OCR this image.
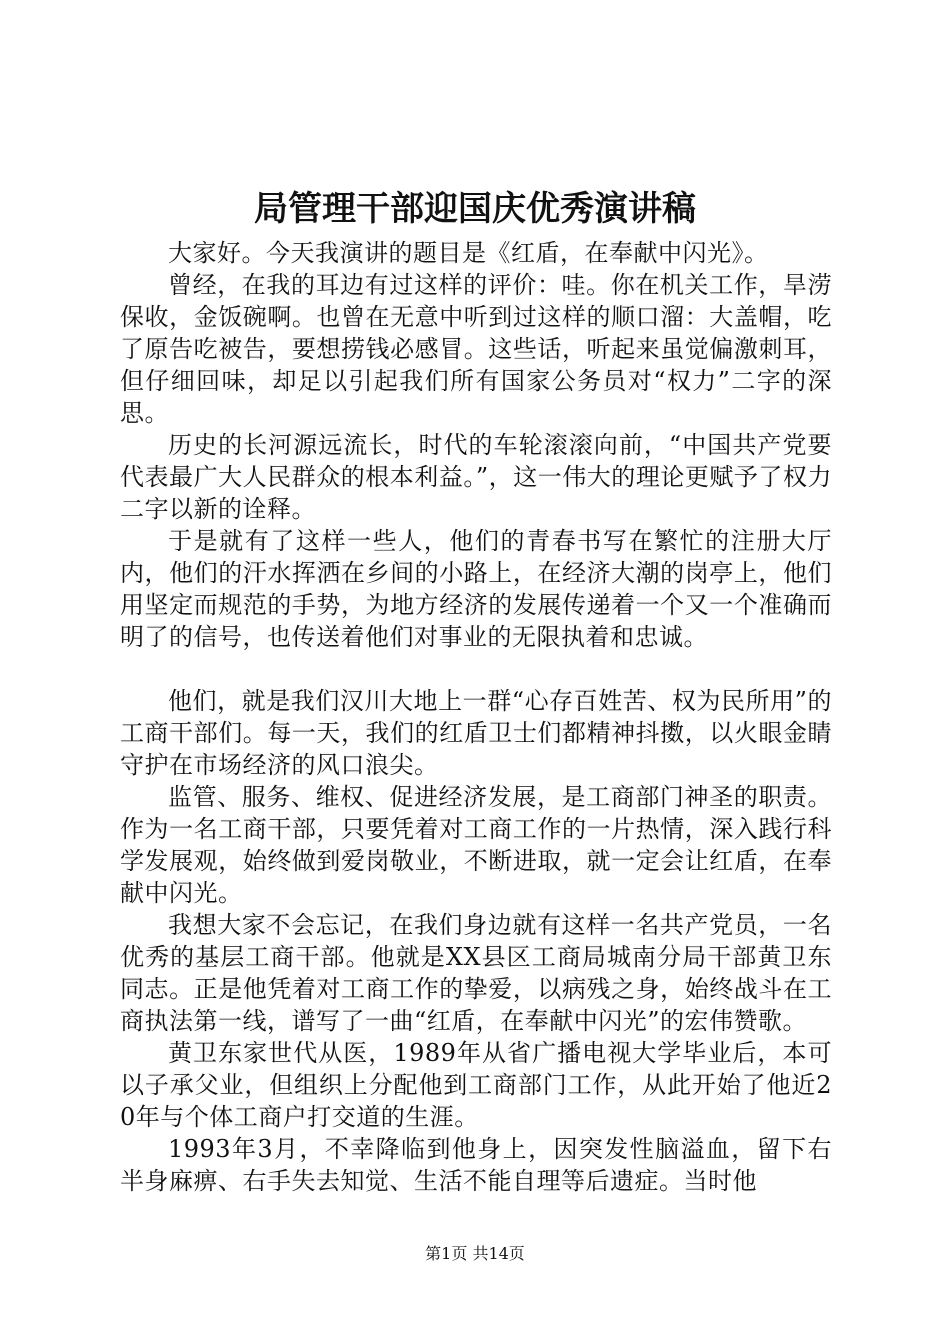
局管理干部迎国庆优秀演讲稿

大家好。今天我演讲的题目是《红盾，在奉献中闪光》。

曾经，在我的耳边有过这样的评价：哇。你在机关工作，旱涝保收，金饭碗啊。也曾在无意中听到过这样的顺口溜：大盖帽，吃了原告吃被告，要想捞钱必感冒。这些话，听起来虽觉偏激刺耳，但仔细回味，却足以引起我们所有国家公务员对“权力”二字的深思。

历史的长河源远流长，时代的车轮滚滚向前，“中国共产党要代表最广大人民群众的根本利益。”，这一伟大的理论更赋予了权力二字以新的诠释。

于是就有了这样一些人，他们的青春书写在繁忙的注册大厅内，他们的汗水挥洒在乡间的小路上，在经济大潮的岗亭上，他们用坚定而规范的手势，为地方经济的发展传递着一个又一个准确而明了的信号，也传送着他们对事业的无限执着和忠诚。

他们，就是我们汉川大地上一群“心存百姓苦、权为民所用”的工商干部们。每一天，我们的红盾卫士们都精神抖擞，以火眼金睛守护在市场经济的风口浪尖。

监管、服务、维权、促进经济发展，是工商部门神圣的职责。作为一名工商干部，只要凭着对工商工作的一片热情，深入践行科学发展观，始终做到爱岗敬业，不断进取，就一定会让红盾，在奉献中闪光。

我想大家不会忘记，在我们身边就有这样一名共产党员，一名优秀的基层工商干部。他就是XX县区工商局城南分局干部黄卫东同志。正是他凭着对工商工作的挚爱，以病残之身，始终战斗在工商执法第一线，谱写了一曲“红盾，在奉献中闪光”的宏伟赞歌。

黄卫东家世代从医，1989年从省广播电视大学毕业后，本可以子承父业，但组织上分配他到工商部门工作，从此开始了他近20年与个体工商户打交道的生涯。

1993年3月，不幸降临到他身上，因突发性脑溢血，留下右半身麻痹、右手失去知觉、生活不能自理等后遗症。当时他

第1页 共14页
